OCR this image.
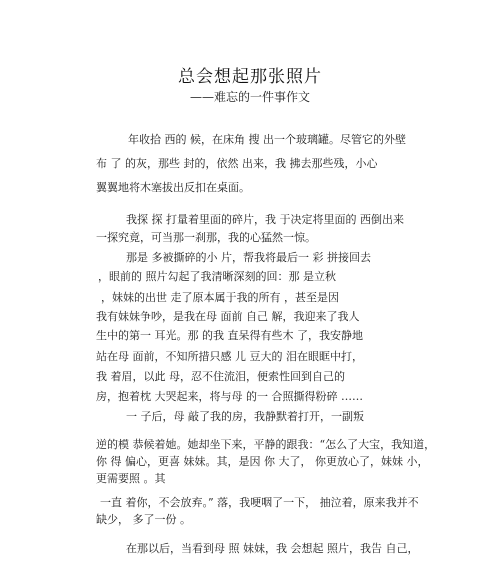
总会想起那张照片
——难忘的一件事作文
年收拾 西的 候，在床角 搜 出一个玻璃罐。尽管它的外壁
布 了 的灰，那些 封的，依然 出来，我 拂去那些残，小心
翼翼地将木塞拔出反扣在桌面。
我探 探 打量着里面的碎片，我 于决定将里面的 西倒出来
一探究竟，可当那一刹那，我的心猛然一惊。
那是 多被撕碎的小 片，帮我将最后一 彩 拼接回去
，眼前的 照片勾起了我清晰深刻的回：那 是立秋
，妹妹的出世 走了原本属于我的所有 ，甚至是因
我有妹妹争吵，是我在母 面前 自己 解，我迎来了我人
生中的第一 耳光。那 的我 直呆得有些木 了，我安静地
站在母 面前，不知所措只感 儿 豆大的 泪在眼眶中打，
我 着眉，以此 母，忍不住流泪，便索性回到自己的
房，抱着枕 大哭起来，将与母 的一 合照撕得粉碎 ……
一 子后，母 敲了我的房，我静默着打开，一副叛
逆的模 恭候着她。她却坐下来，平静的跟我：“怎么了大宝，我知道，
你 得 偏心，更喜 妹妹。其，是因 你 大了， 你更放心了，妹妹 小，
更需要照 。其
一直 着你，不会放弃。” 落，我哽咽了一下， 抽泣着，原来我并不
缺少， 多了一份 。
在那以后，当看到母 照 妹妹，我 会想起 照片，我告 自己，
